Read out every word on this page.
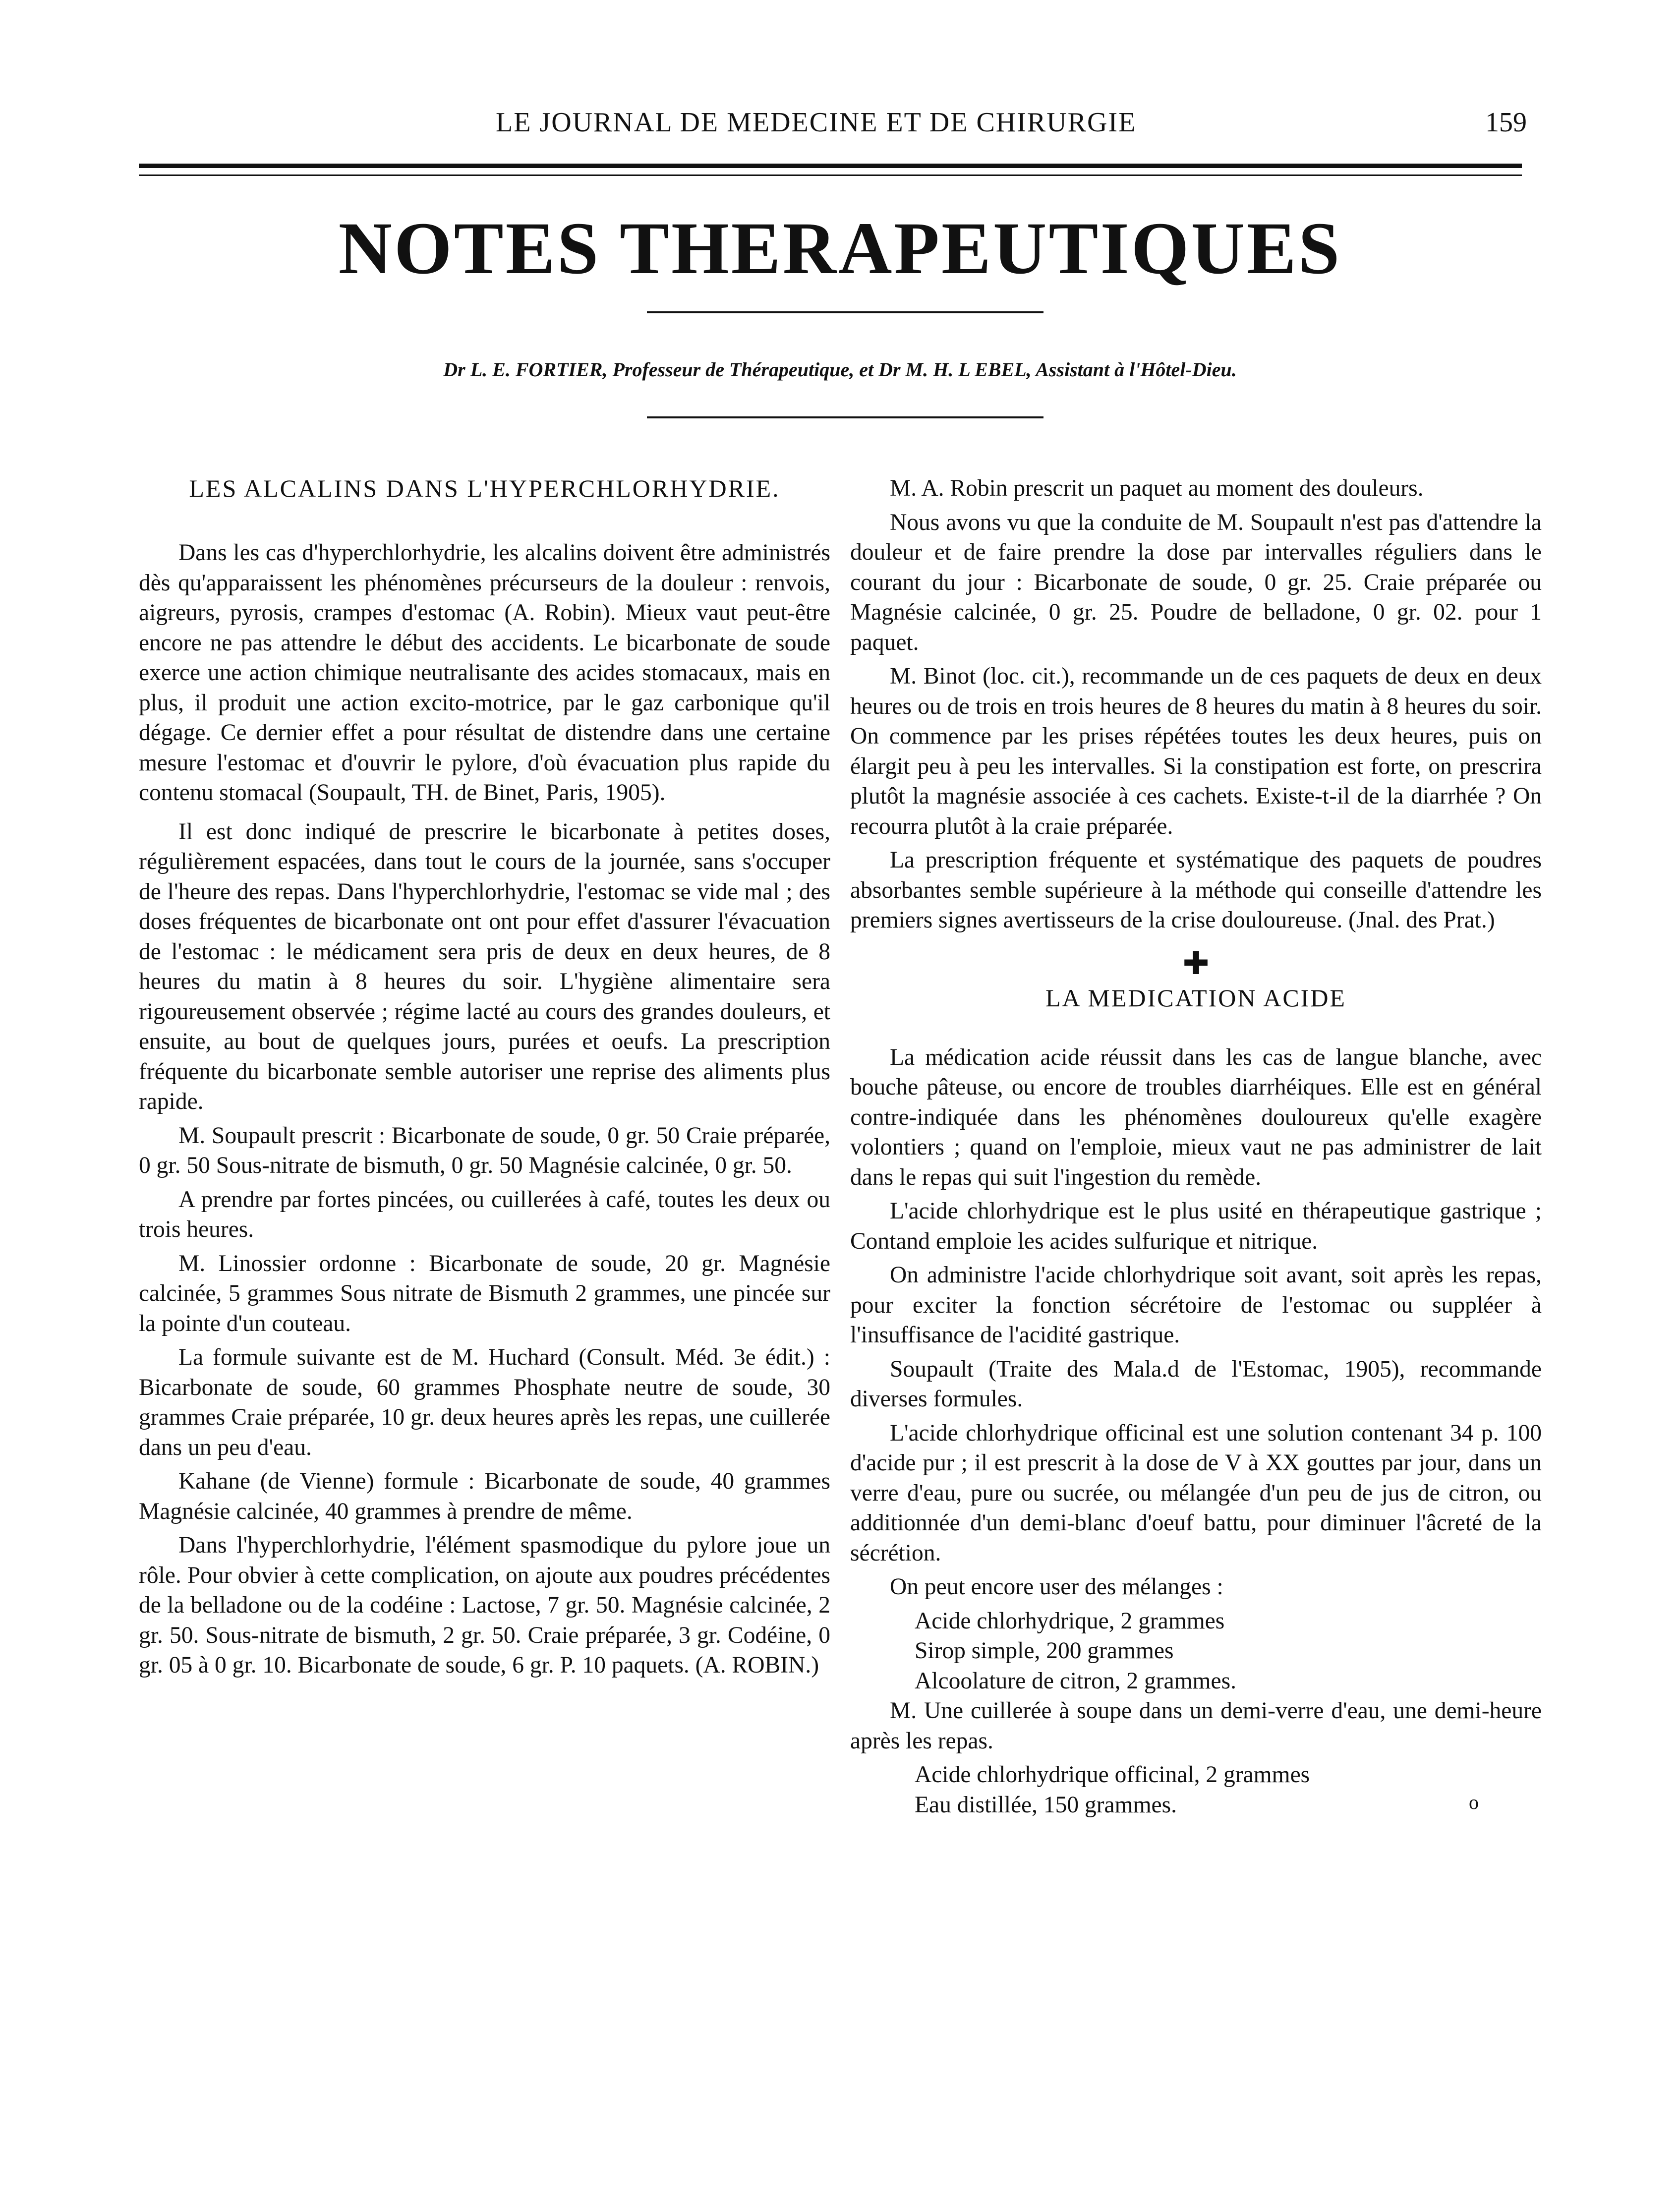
LE JOURNAL DE MEDECINE ET DE CHIRURGIE	159
NOTES THERAPEUTIQUES
Dr L. E. FORTIER, Professeur de Thérapeutique, et Dr M. H. L EBEL, Assistant à l'Hôtel-Dieu.
LES ALCALINS DANS L'HYPERCHLORHYDRIE.

Dans les cas d'hyperchlorhydrie, les alcalins doivent être administrés dès qu'apparaissent les phénomènes précurseurs de la douleur : renvois, aigreurs, pyrosis, crampes d'estomac (A. Robin). Mieux vaut peut-être encore ne pas attendre le début des accidents. Le bicarbonate de soude exerce une action chimique neutralisante des acides stomacaux, mais en plus, il produit une action excito-motrice, par le gaz carbonique qu'il dégage. Ce dernier effet a pour résultat de distendre dans une certaine mesure l'estomac et d'ouvrir le pylore, d'où évacuation plus rapide du contenu stomacal (Soupault, TH. de Binet, Paris, 1905).

Il est donc indiqué de prescrire le bicarbonate à petites doses, régulièrement espacées, dans tout le cours de la journée, sans s'occuper de l'heure des repas. Dans l'hyperchlorhydrie, l'estomac se vide mal ; des doses fréquentes de bicarbonate ont ont pour effet d'assurer l'évacuation de l'estomac : le médicament sera pris de deux en deux heures, de 8 heures du matin à 8 heures du soir. L'hygiène alimentaire sera rigoureusement observée ; régime lacté au cours des grandes douleurs, et ensuite, au bout de quelques jours, purées et oeufs. La prescription fréquente du bicarbonate semble autoriser une reprise des aliments plus rapide.

M. Soupault prescrit : Bicarbonate de soude, 0 gr. 50 Craie préparée, 0 gr. 50 Sous-nitrate de bismuth, 0 gr. 50 Magnésie calcinée, 0 gr. 50.

A prendre par fortes pincées, ou cuillerées à café, toutes les deux ou trois heures.

M. Linossier ordonne : Bicarbonate de soude, 20 gr. Magnésie calcinée, 5 grammes Sous nitrate de Bismuth 2 grammes, une pincée sur la pointe d'un couteau.

La formule suivante est de M. Huchard (Consult. Méd. 3e édit.) : Bicarbonate de soude, 60 grammes Phosphate neutre de soude, 30 grammes Craie préparée, 10 gr. deux heures après les repas, une cuillerée dans un peu d'eau.

Kahane (de Vienne) formule : Bicarbonate de soude, 40 grammes Magnésie calcinée, 40 grammes à prendre de même.

Dans l'hyperchlorhydrie, l'élément spasmodique du pylore joue un rôle. Pour obvier à cette complication, on ajoute aux poudres précédentes de la belladone ou de la codéine : Lactose, 7 gr. 50. Magnésie calcinée, 2 gr. 50. Sous-nitrate de bismuth, 2 gr. 50. Craie préparée, 3 gr. Codéine, 0 gr. 05 à 0 gr. 10. Bicarbonate de soude, 6 gr. P. 10 paquets. (A. ROBIN.)

M. A. Robin prescrit un paquet au moment des douleurs.

Nous avons vu que la conduite de M. Soupault n'est pas d'attendre la douleur et de faire prendre la dose par intervalles réguliers dans le courant du jour : Bicarbonate de soude, 0 gr. 25. Craie préparée ou Magnésie calcinée, 0 gr. 25. Poudre de belladone, 0 gr. 02. pour 1 paquet.

M. Binot (loc. cit.), recommande un de ces paquets de deux en deux heures ou de trois en trois heures de 8 heures du matin à 8 heures du soir. On commence par les prises répétées toutes les deux heures, puis on élargit peu à peu les intervalles. Si la constipation est forte, on prescrira plutôt la magnésie associée à ces cachets. Existe-t-il de la diarrhée ? On recourra plutôt à la craie préparée.

La prescription fréquente et systématique des paquets de poudres absorbantes semble supérieure à la méthode qui conseille d'attendre les premiers signes avertisseurs de la crise douloureuse. (Jnal. des Prat.)

✚
LA MEDICATION ACIDE

La médication acide réussit dans les cas de langue blanche, avec bouche pâteuse, ou encore de troubles diarrhéiques. Elle est en général contre-indiquée dans les phénomènes douloureux qu'elle exagère volontiers ; quand on l'emploie, mieux vaut ne pas administrer de lait dans le repas qui suit l'ingestion du remède.

L'acide chlorhydrique est le plus usité en thérapeutique gastrique ; Contand emploie les acides sulfurique et nitrique.

On administre l'acide chlorhydrique soit avant, soit après les repas, pour exciter la fonction sécrétoire de l'estomac ou suppléer à l'insuffisance de l'acidité gastrique.

Soupault (Traite des Mala.d de l'Estomac, 1905), recommande diverses formules.

L'acide chlorhydrique officinal est une solution contenant 34 p. 100 d'acide pur ; il est prescrit à la dose de V à XX gouttes par jour, dans un verre d'eau, pure ou sucrée, ou mélangée d'un peu de jus de citron, ou additionnée d'un demi-blanc d'oeuf battu, pour diminuer l'âcreté de la sécrétion.

On peut encore user des mélanges :

Acide chlorhydrique, 2 grammes
Sirop simple, 200 grammes
Alcoolature de citron, 2 grammes.

M. Une cuillerée à soupe dans un demi-verre d'eau, une demi-heure après les repas.

Acide chlorhydrique officinal, 2 grammes
Eau distillée, 150 grammes.	o
